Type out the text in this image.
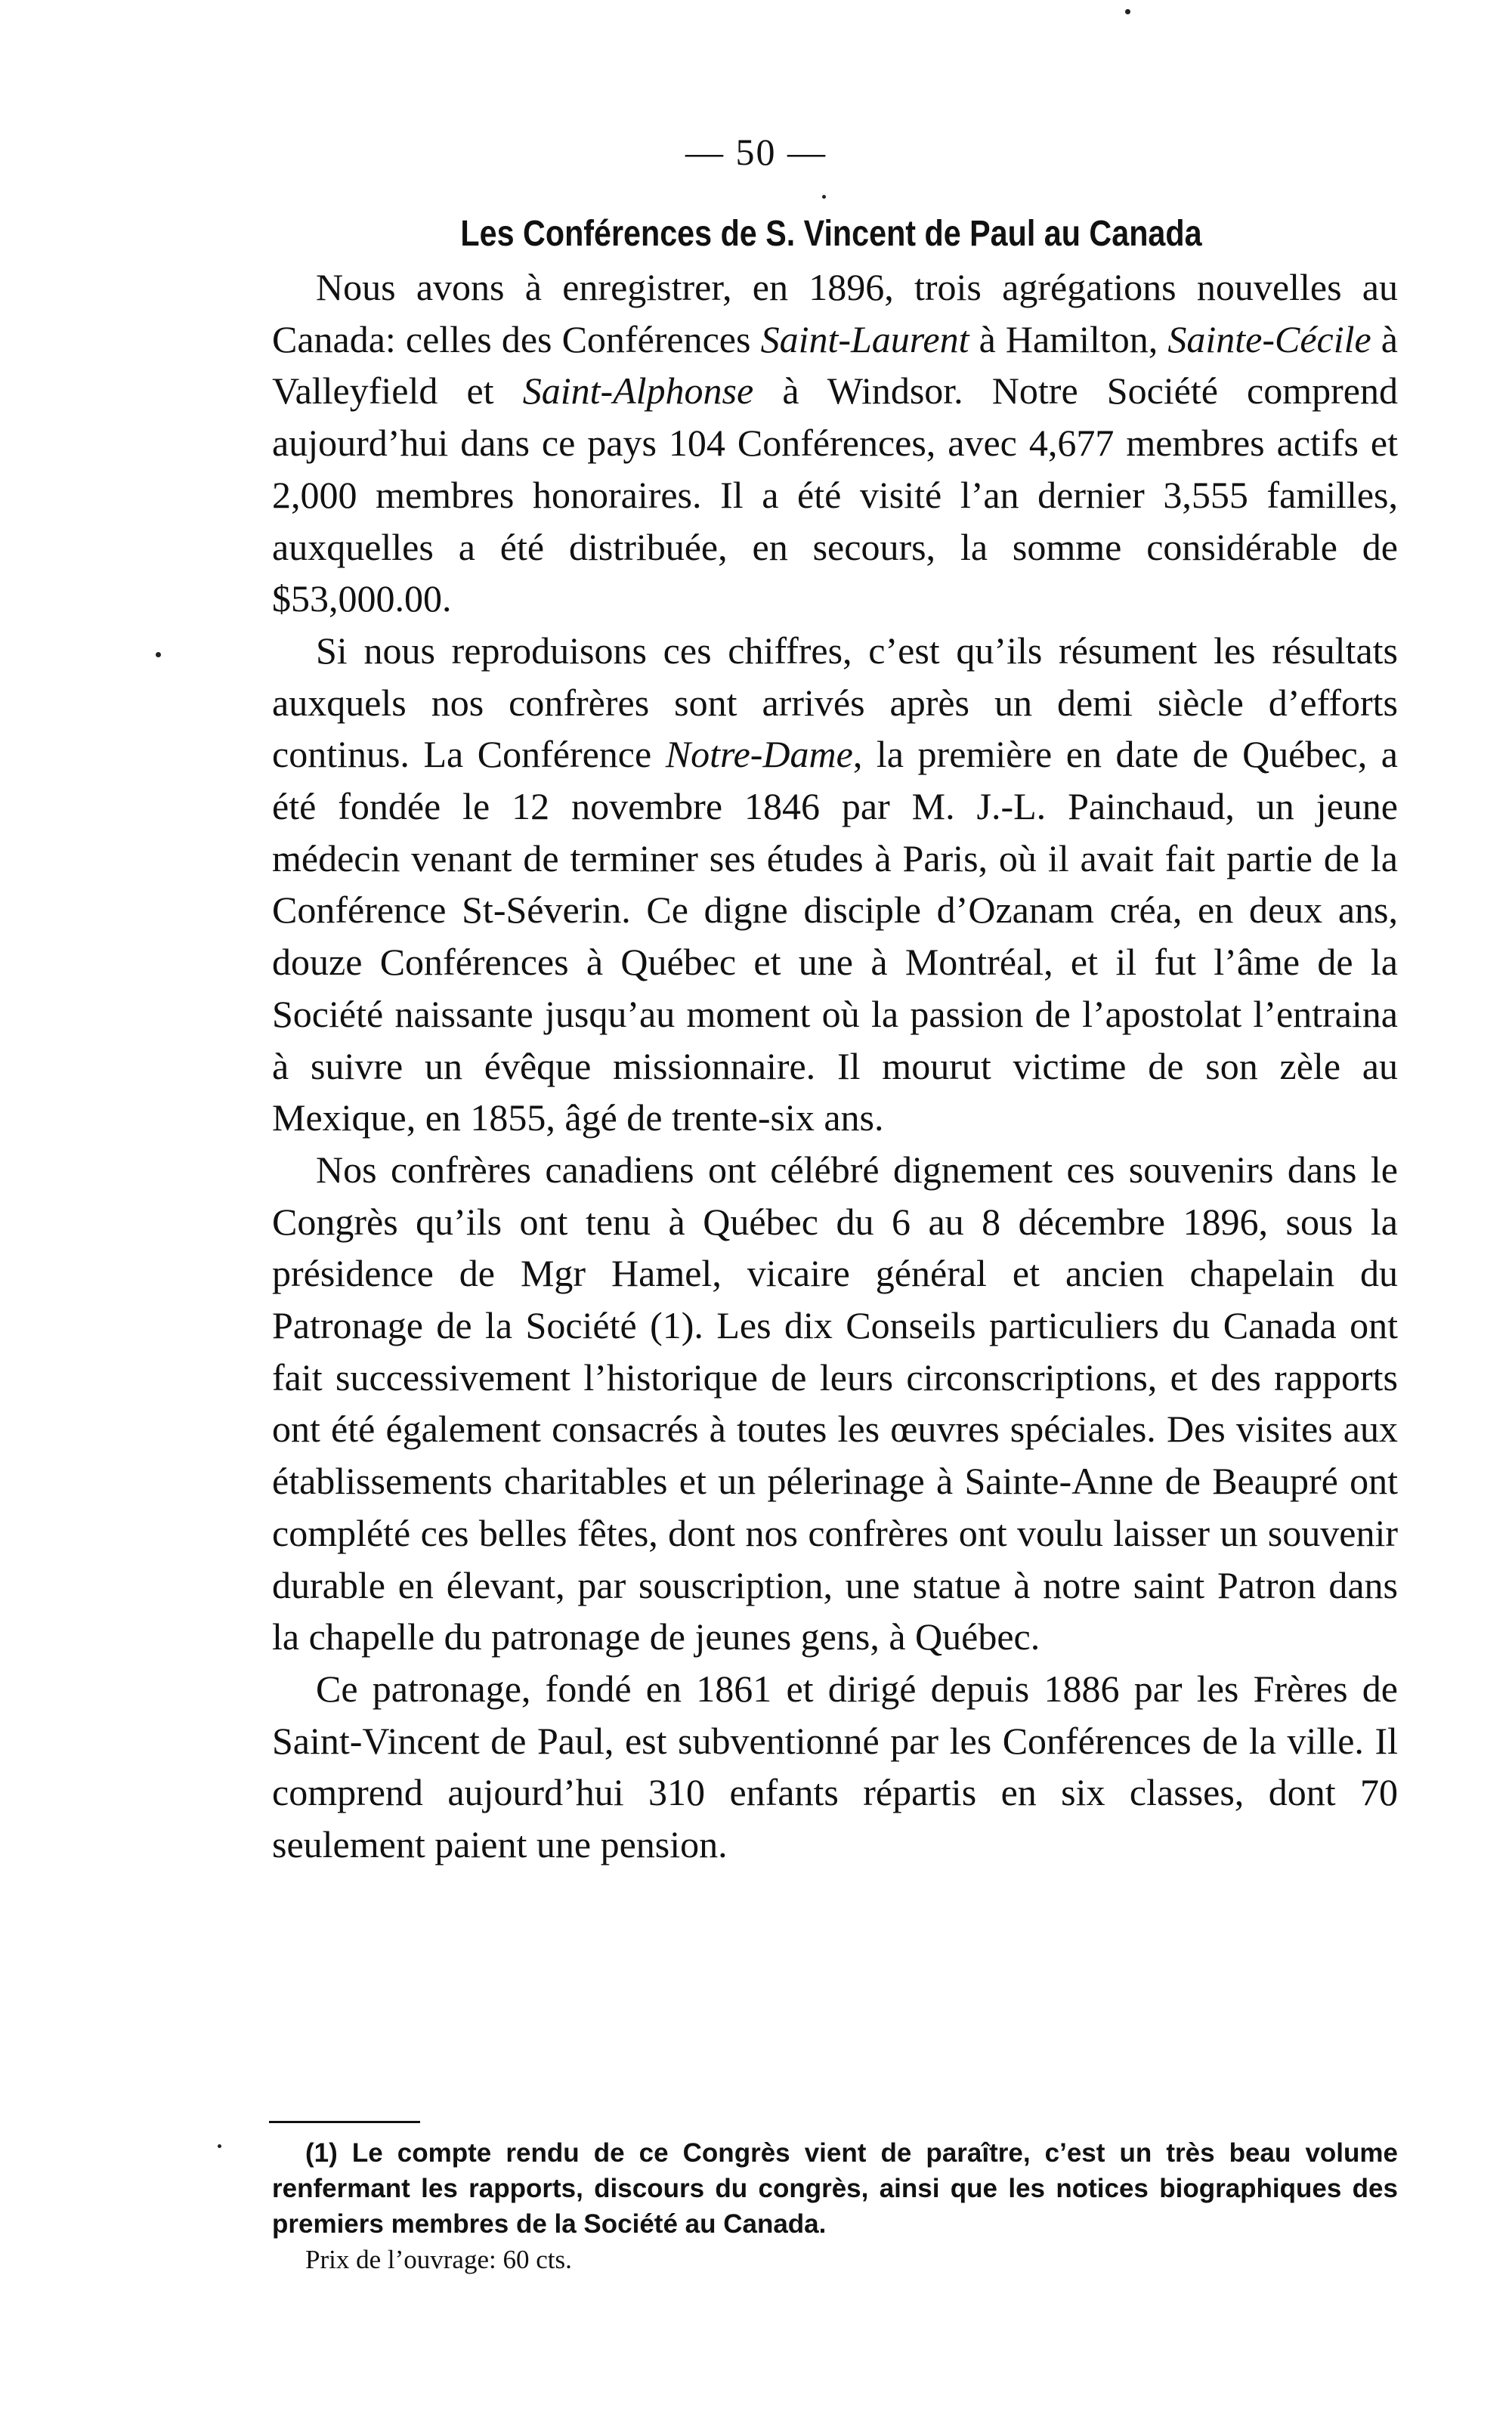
— 50 —
Les Conférences de S. Vincent de Paul au Canada

Nous avons à enregistrer, en 1896, trois agrégations nouvelles au Canada: celles des Conférences Saint-Laurent à Hamilton, Sainte-Cécile à Valleyfield et Saint-Alphonse à Windsor. Notre Société comprend aujourd’hui dans ce pays 104 Conférences, avec 4,677 membres actifs et 2,000 membres honoraires. Il a été visité l’an dernier 3,555 familles, auxquelles a été distribuée, en secours, la somme considérable de $53,000.00.

Si nous reproduisons ces chiffres, c’est qu’ils résument les résultats auxquels nos confrères sont arrivés après un demi siècle d’efforts continus. La Conférence Notre-Dame, la première en date de Québec, a été fondée le 12 novembre 1846 par M. J.-L. Painchaud, un jeune médecin venant de terminer ses études à Paris, où il avait fait partie de la Conférence St-Séverin. Ce digne disciple d’Ozanam créa, en deux ans, douze Conférences à Québec et une à Montréal, et il fut l’âme de la Société naissante jusqu’au moment où la passion de l’apostolat l’entraina à suivre un évêque missionnaire. Il mourut victime de son zèle au Mexique, en 1855, âgé de trente-six ans.

Nos confrères canadiens ont célébré dignement ces souvenirs dans le Congrès qu’ils ont tenu à Québec du 6 au 8 décembre 1896, sous la présidence de Mgr Hamel, vicaire général et ancien chapelain du Patronage de la Société (1). Les dix Conseils particuliers du Canada ont fait successivement l’historique de leurs circonscriptions, et des rapports ont été également consacrés à toutes les œuvres spéciales. Des visites aux établissements charitables et un pélerinage à Sainte-Anne de Beaupré ont complété ces belles fêtes, dont nos confrères ont voulu laisser un souvenir durable en élevant, par souscription, une statue à notre saint Patron dans la chapelle du patronage de jeunes gens, à Québec.

Ce patronage, fondé en 1861 et dirigé depuis 1886 par les Frères de Saint-Vincent de Paul, est subventionné par les Conférences de la ville. Il comprend aujourd’hui 310 enfants répartis en six classes, dont 70 seulement paient une pension.

(1) Le compte rendu de ce Congrès vient de paraître, c’est un très beau volume renfermant les rapports, discours du congrès, ainsi que les notices biographiques des premiers membres de la Société au Canada.

Prix de l’ouvrage: 60 cts.
